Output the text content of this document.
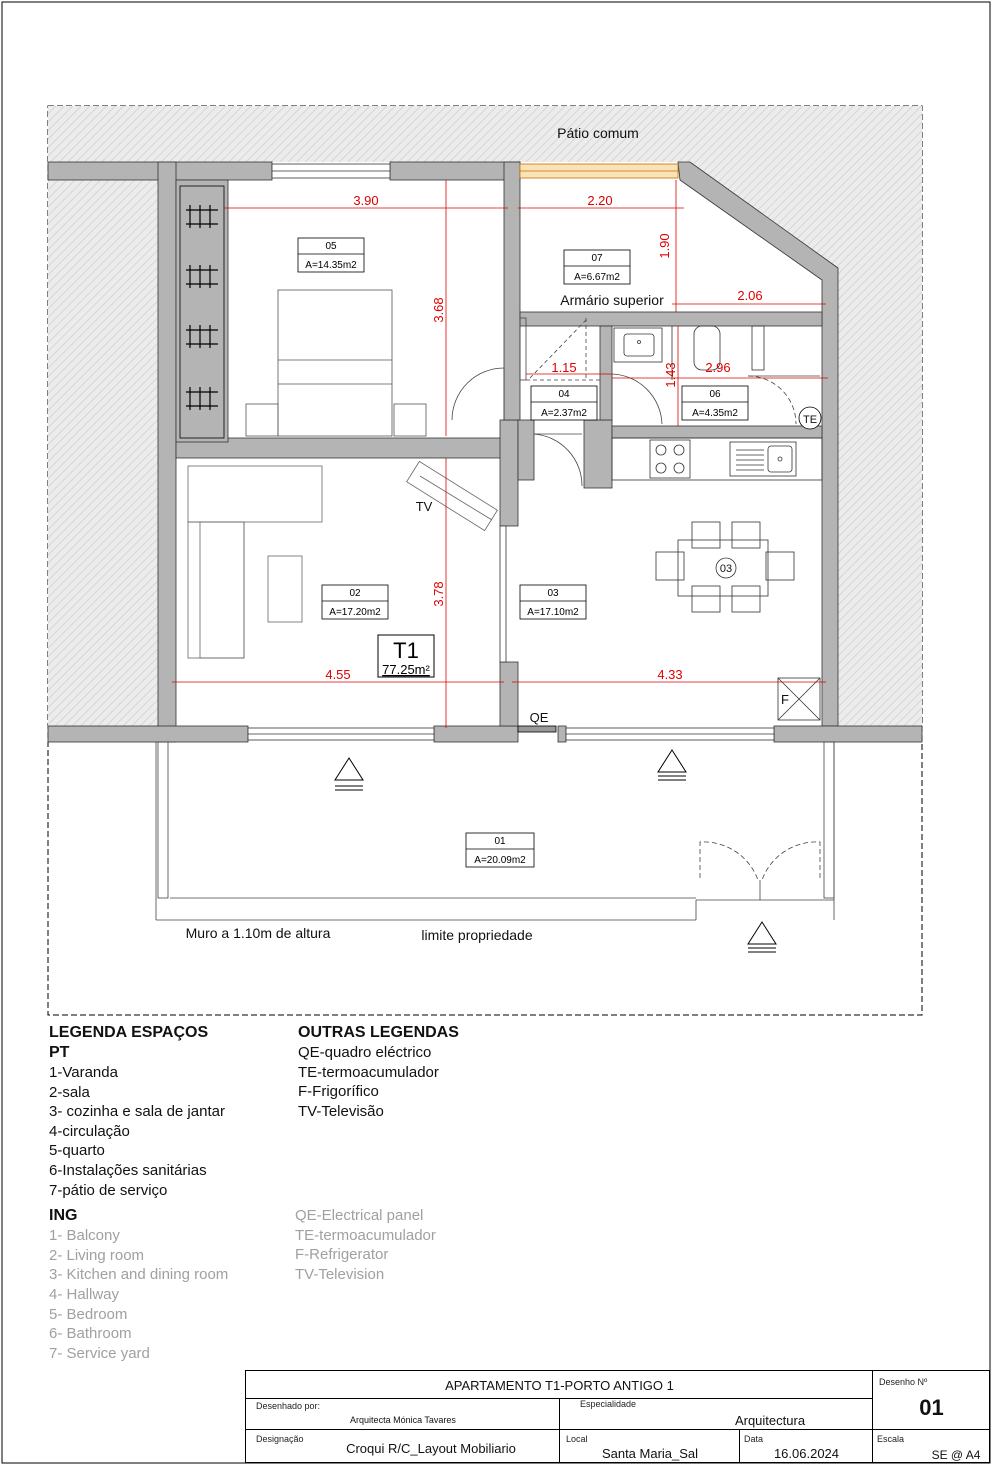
3.90	2.20
1.90
3.68
2.06
1.15	1.43 2.96
3.78
4.55	4.33
05
A=14.35m2
07
A=6.67m2
04
A=2.37m2
06
A=4.35m2
02
A=17.20m2
03
A=17.10m2
01
A=20.09m2
T1
77.25m²
Pátio comum
Armário superior
TV
QE
TE
F
03
Muro a 1.10m de altura	limite propriedade
LEGENDA ESPAÇOS
PT
1-Varanda
2-sala
3- cozinha e sala de jantar
4-circulação
5-quarto
6-Instalações sanitárias
7-pátio de serviço
ING
1- Balcony
2- Living room
3- Kitchen and dining room
4- Hallway
5- Bedroom
6- Bathroom
7- Service yard
OUTRAS LEGENDAS
QE-quadro eléctrico
TE-termoacumulador
F-Frigorífico
TV-Televisão
QE-Electrical panel
TE-termoacumulador
F-Refrigerator
TV-Television
APARTAMENTO T1-PORTO ANTIGO 1	Desenho Nº
01
Desenhado por:
Arquitecta Mónica Tavares
Especialidade
Arquitectura
Designação
Croqui R/C_Layout Mobiliario
Local
Santa Maria_Sal
Data
16.06.2024
Escala
SE @ A4
